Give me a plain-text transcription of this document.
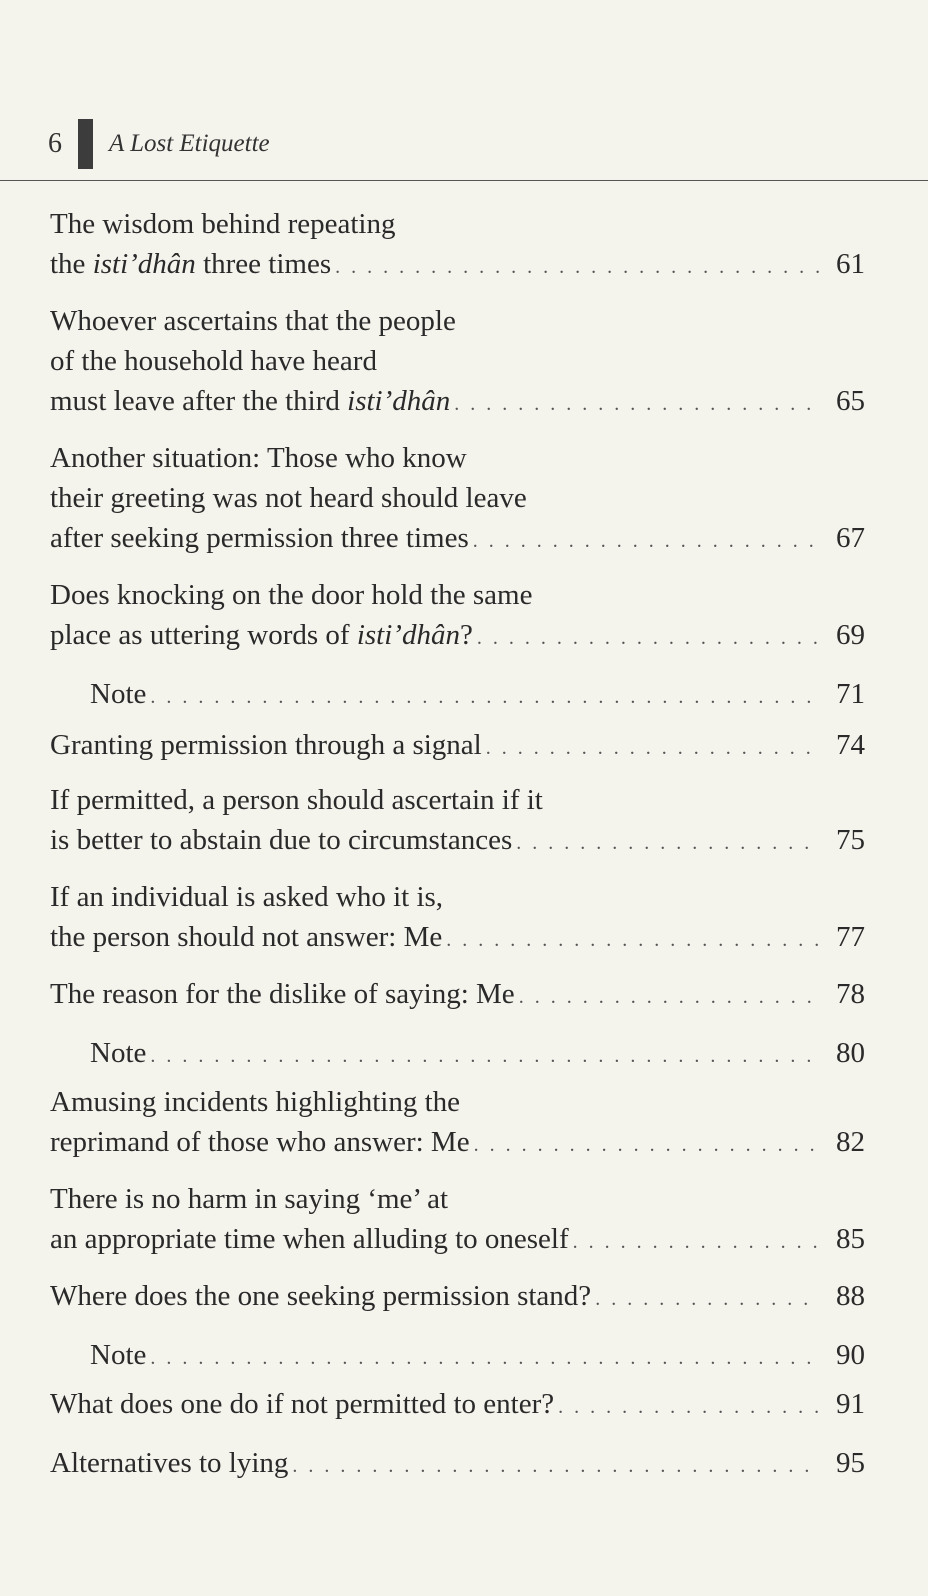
6 A Lost Etiquette
The wisdom behind repeating
the isti’dhân three times . . .	61
Whoever ascertains that the people
of the household have heard
must leave after the third isti’dhân . . .	65
Another situation: Those who know
their greeting was not heard should leave
after seeking permission three times . . .	67
Does knocking on the door hold the same
place as uttering words of isti’dhân? . . .	69
Note . . .	71
Granting permission through a signal . . .	74
If permitted, a person should ascertain if it
is better to abstain due to circumstances . . .	75
If an individual is asked who it is,
the person should not answer: Me . . .	77
The reason for the dislike of saying: Me . . .	78
Note . . .	80
Amusing incidents highlighting the
reprimand of those who answer: Me . . .	82
There is no harm in saying ‘me’ at
an appropriate time when alluding to oneself . . .	85
Where does the one seeking permission stand? . . .	88
Note . . .	90
What does one do if not permitted to enter? . . .	91
Alternatives to lying . . .	95
